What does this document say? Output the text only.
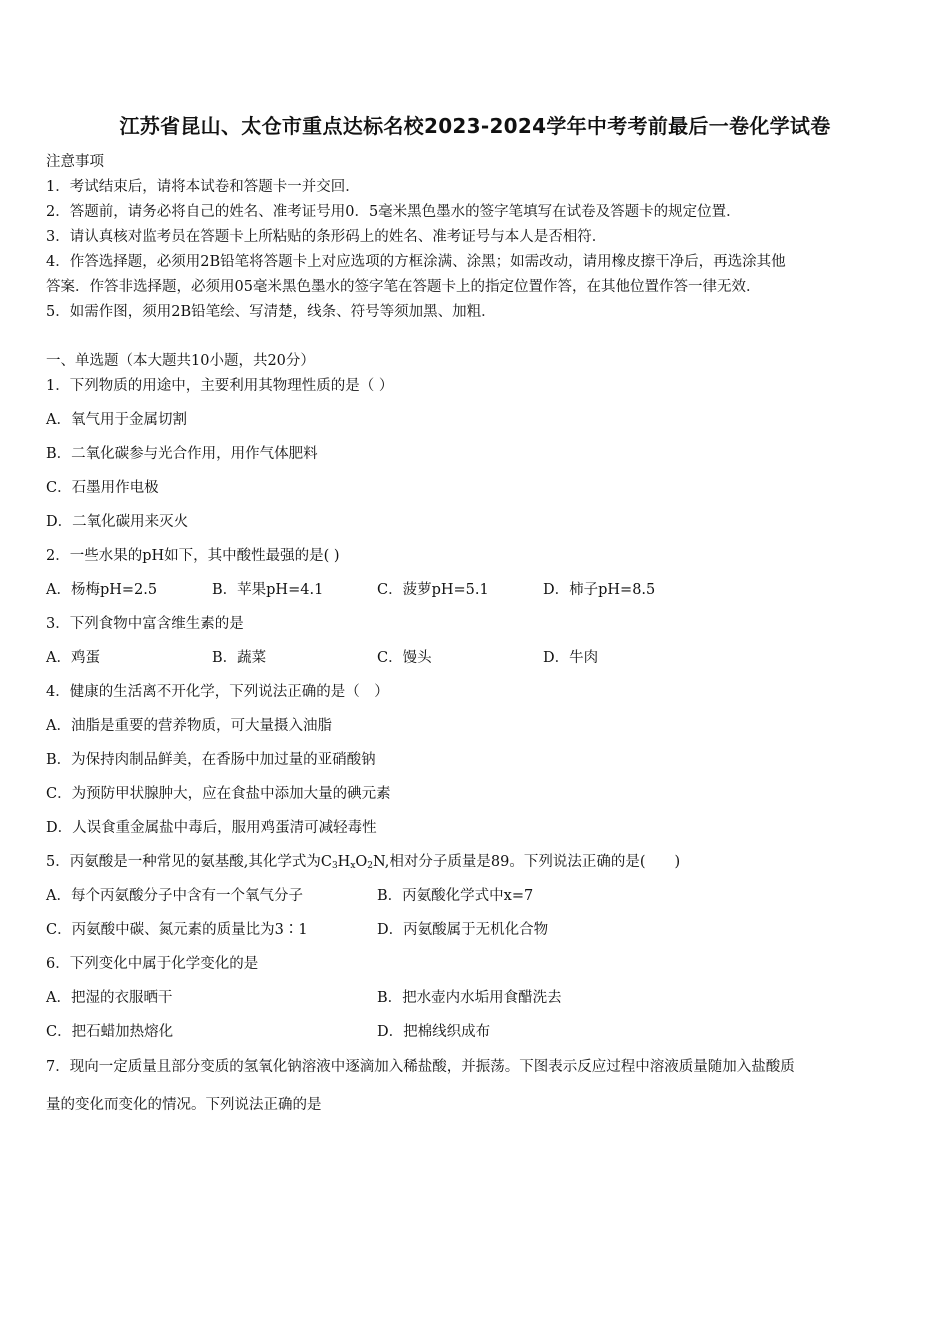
江苏省昆山、太仓市重点达标名校2023-2024学年中考考前最后一卷化学试卷
注意事项
1．考试结束后，请将本试卷和答题卡一并交回．
2．答题前，请务必将自己的姓名、准考证号用0．5毫米黑色墨水的签字笔填写在试卷及答题卡的规定位置．
3．请认真核对监考员在答题卡上所粘贴的条形码上的姓名、准考证号与本人是否相符．
4．作答选择题，必须用2B铅笔将答题卡上对应选项的方框涂满、涂黑；如需改动，请用橡皮擦干净后，再选涂其他
答案．作答非选择题，必须用05毫米黑色墨水的签字笔在答题卡上的指定位置作答，在其他位置作答一律无效．
5．如需作图，须用2B铅笔绘、写清楚，线条、符号等须加黑、加粗．
一、单选题（本大题共10小题，共20分）
1．下列物质的用途中，主要利用其物理性质的是（ ）
A．氧气用于金属切割
B．二氧化碳参与光合作用，用作气体肥料
C．石墨用作电极
D．二氧化碳用来灭火
2．一些水果的pH如下，其中酸性最强的是( )
A．杨梅pH=2.5	B．苹果pH=4.1	C．菠萝pH=5.1	D．柿子pH=8.5
3．下列食物中富含维生素的是
A．鸡蛋	B．蔬菜	C．馒头	D．牛肉
4．健康的生活离不开化学，下列说法正确的是（　）
A．油脂是重要的营养物质，可大量摄入油脂
B．为保持肉制品鲜美，在香肠中加过量的亚硝酸钠
C．为预防甲状腺肿大，应在食盐中添加大量的碘元素
D．人误食重金属盐中毒后，服用鸡蛋清可减轻毒性
5．丙氨酸是一种常见的氨基酸,其化学式为$C_3H_xO_2N$,相对分子质量是89。下列说法正确的是(　　)
A．每个丙氨酸分子中含有一个氧气分子	B．丙氨酸化学式中x=7
C．丙氨酸中碳、氮元素的质量比为3∶1	D．丙氨酸属于无机化合物
6．下列变化中属于化学变化的是
A．把湿的衣服晒干	B．把水壶内水垢用食醋洗去
C．把石蜡加热熔化	D．把棉线织成布
7．现向一定质量且部分变质的氢氧化钠溶液中逐滴加入稀盐酸，并振荡。下图表示反应过程中溶液质量随加入盐酸质
量的变化而变化的情况。下列说法正确的是
